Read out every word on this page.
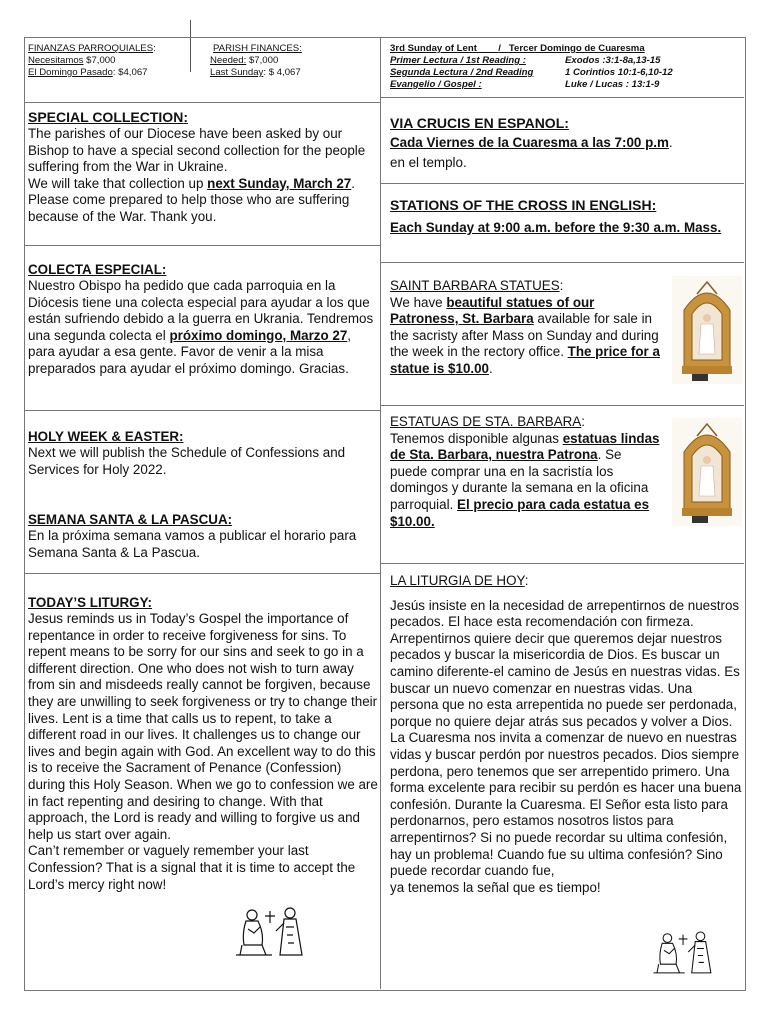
FINANZAS PARROQUIALES:
Necesitamos $7,000
El Domingo Pasado: $4,067
PARISH FINANCES:
Needed: $7,000
Last Sunday: $ 4,067
3rd Sunday of Lent / Tercer Domingo de Cuaresma
Primer Lectura / 1st Reading :	Exodos :3:1-8a,13-15
Segunda Lectura / 2nd Reading	1 Corintios 10:1-6,10-12
Evangelio / Gospel :	Luke / Lucas : 13:1-9
SPECIAL COLLECTION:

The parishes of our Diocese have been asked by our Bishop to have a special second collection for the people suffering from the War in Ukraine.
We will take that collection up next Sunday, March 27. Please come prepared to help those who are suffering because of the War. Thank you.

COLECTA ESPECIAL:

Nuestro Obispo ha pedido que cada parroquia en la Diócesis tiene una colecta especial para ayudar a los que están sufriendo debido a la guerra en Ukrania. Tendremos una segunda colecta el próximo domingo, Marzo 27, para ayudar a esa gente. Favor de venir a la misa preparados para ayudar el próximo domingo. Gracias.

HOLY WEEK & EASTER:

Next we will publish the Schedule of Confessions and Services for Holy 2022.

SEMANA SANTA & LA PASCUA:

En la próxima semana vamos a publicar el horario para Semana Santa & La Pascua.

TODAY’S LITURGY:

Jesus reminds us in Today’s Gospel the importance of repentance in order to receive forgiveness for sins. To repent means to be sorry for our sins and seek to go in a different direction. One who does not wish to turn away from sin and misdeeds really cannot be forgiven, because they are unwilling to seek forgiveness or try to change their lives. Lent is a time that calls us to repent, to take a different road in our lives. It challenges us to change our lives and begin again with God. An excellent way to do this is to receive the Sacrament of Penance (Confession) during this Holy Season. When we go to confession we are in fact repenting and desiring to change. With that approach, the Lord is ready and willing to forgive us and help us start over again.

Can’t remember or vaguely remember your last Confession? That is a signal that it is time to accept the Lord’s mercy right now!

VIA CRUCIS EN ESPANOL:

Cada Viernes de la Cuaresma a las 7:00 p.m.

en el templo.

STATIONS OF THE CROSS IN ENGLISH:

Each Sunday at 9:00 a.m. before the 9:30 a.m. Mass.

SAINT BARBARA STATUES:

We have beautiful statues of our Patroness, St. Barbara available for sale in the sacristy after Mass on Sunday and during the week in the rectory office. The price for a statue is $10.00.

ESTATUAS DE STA. BARBARA:

Tenemos disponible algunas estatuas lindas de Sta. Barbara, nuestra Patrona. Se puede comprar una en la sacristía los domingos y durante la semana en la oficina parroquial. El precio para cada estatua es $10.00.

LA LITURGIA DE HOY:

Jesús insiste en la necesidad de arrepentirnos de nuestros pecados. El hace esta recomendación con firmeza. Arrepentirnos quiere decir que queremos dejar nuestros pecados y buscar la misericordia de Dios. Es buscar un camino diferente-el camino de Jesús en nuestras vidas. Es buscar un nuevo comenzar en nuestras vidas. Una persona que no esta arrepentida no puede ser perdonada, porque no quiere dejar atrás sus pecados y volver a Dios. La Cuaresma nos invita a comenzar de nuevo en nuestras vidas y buscar perdón por nuestros pecados. Dios siempre perdona, pero tenemos que ser arrepentido primero. Una forma excelente para recibir su perdón es hacer una buena confesión. Durante la Cuaresma. El Señor esta listo para perdonarnos, pero estamos nosotros listos para arrepentirnos? Si no puede recordar su ultima confesión, hay un problema! Cuando fue su ultima confesión? Sino puede recordar cuando fue,

ya tenemos la señal que es tiempo!
